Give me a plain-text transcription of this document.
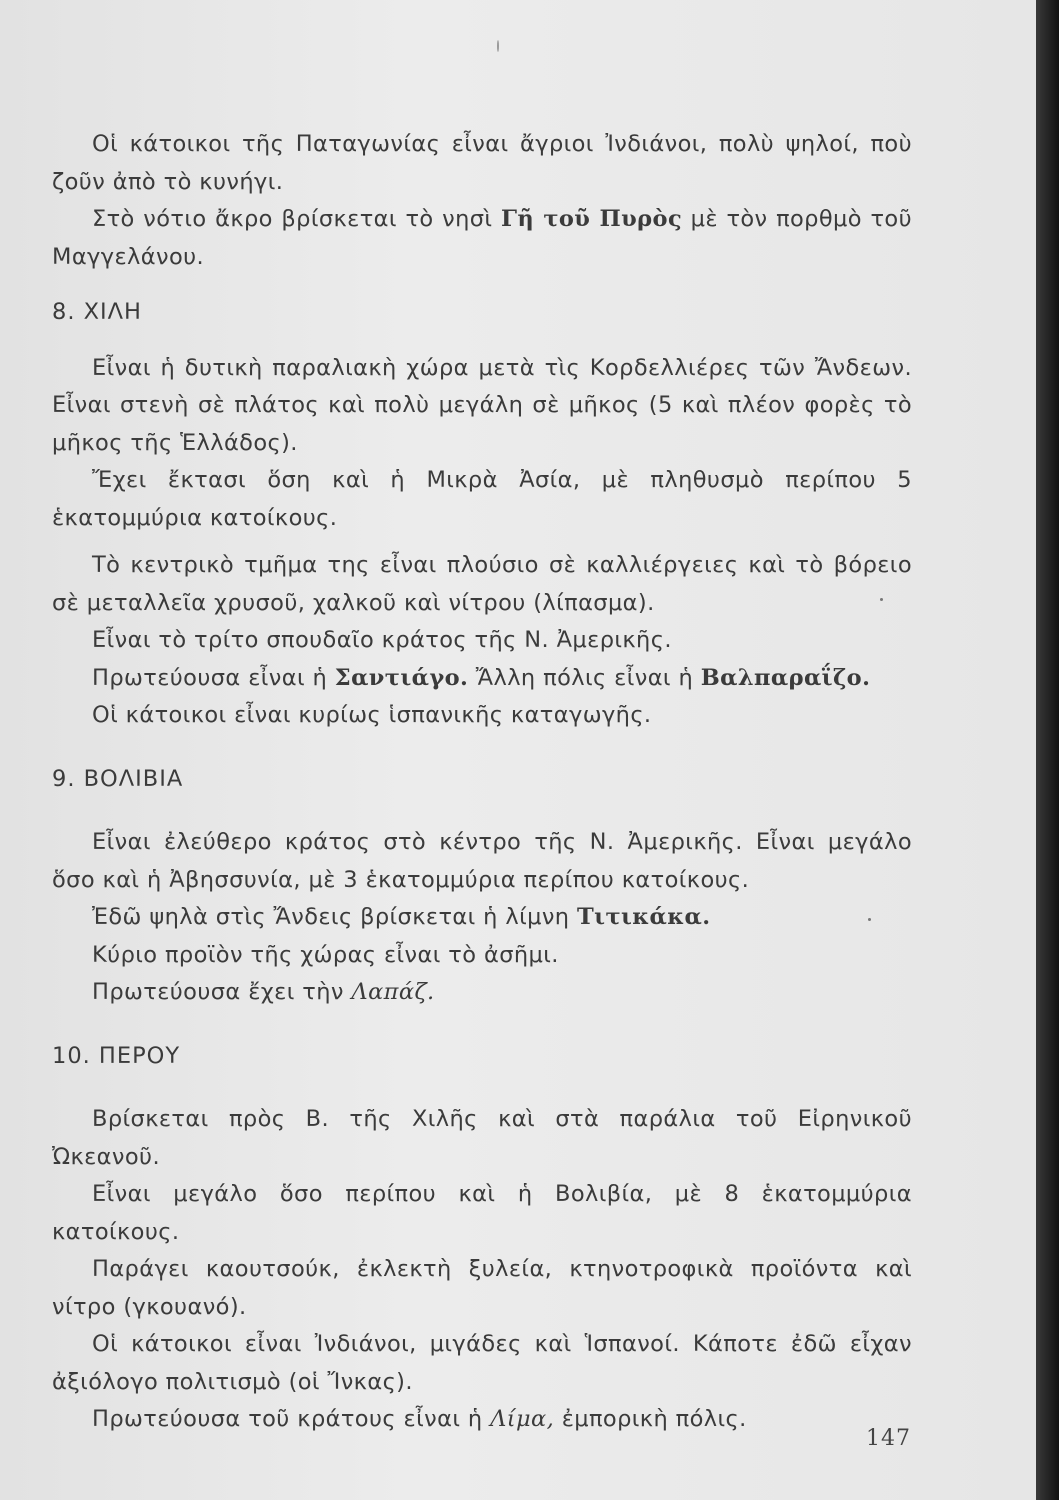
Οἱ κάτοικοι τῆς Παταγωνίας εἶναι ἄγριοι Ἰνδιάνοι, πολὺ ψηλοί, ποὺ ζοῦν ἀπὸ τὸ κυνήγι.

Στὸ νότιο ἄκρο βρίσκεται τὸ νησὶ Γῆ τοῦ Πυρὸς μὲ τὸν πορθμὸ τοῦ Μαγγελάνου.

8. ΧΙΛΗ

Εἶναι ἡ δυτικὴ παραλιακὴ χώρα μετὰ τὶς Κορδελλιέρες τῶν Ἄνδεων. Εἶναι στενὴ σὲ πλάτος καὶ πολὺ μεγάλη σὲ μῆκος (5 καὶ πλέον φορὲς τὸ μῆκος τῆς Ἑλλάδος).

Ἔχει ἔκτασι ὅση καὶ ἡ Μικρὰ Ἀσία, μὲ πληθυσμὸ περίπου 5 ἑκατομμύρια κατοίκους.

Τὸ κεντρικὸ τμῆμα της εἶναι πλούσιο σὲ καλλιέργειες καὶ τὸ βόρειο σὲ μεταλλεῖα χρυσοῦ, χαλκοῦ καὶ νίτρου (λίπασμα).

Εἶναι τὸ τρίτο σπουδαῖο κράτος τῆς Ν. Ἀμερικῆς.

Πρωτεύουσα εἶναι ἡ Σαντιάγο. Ἄλλη πόλις εἶναι ἡ Βαλπαραΐζο.

Οἱ κάτοικοι εἶναι κυρίως ἱσπανικῆς καταγωγῆς.

9. ΒΟΛΙΒΙΑ

Εἶναι ἐλεύθερο κράτος στὸ κέντρο τῆς Ν. Ἀμερικῆς. Εἶναι μεγάλο ὅσο καὶ ἡ Ἀβησσυνία, μὲ 3 ἑκατομμύρια περίπου κατοίκους.

Ἐδῶ ψηλὰ στὶς Ἄνδεις βρίσκεται ἡ λίμνη Τιτικάκα.

Κύριο προϊὸν τῆς χώρας εἶναι τὸ ἀσῆμι.

Πρωτεύουσα ἔχει τὴν Λαπάζ.

10. ΠΕΡΟΥ

Βρίσκεται πρὸς Β. τῆς Χιλῆς καὶ στὰ παράλια τοῦ Εἰρηνικοῦ Ὠκεανοῦ.

Εἶναι μεγάλο ὅσο περίπου καὶ ἡ Βολιβία, μὲ 8 ἑκατομμύρια κατοίκους.

Παράγει καουτσούκ, ἐκλεκτὴ ξυλεία, κτηνοτροφικὰ προϊόντα καὶ νίτρο (γκουανό).

Οἱ κάτοικοι εἶναι Ἰνδιάνοι, μιγάδες καὶ Ἱσπανοί. Κάποτε ἐδῶ εἶχαν ἀξιόλογο πολιτισμὸ (οἱ Ἴνκας).

Πρωτεύουσα τοῦ κράτους εἶναι ἡ Λίμα, ἐμπορικὴ πόλις.

147
